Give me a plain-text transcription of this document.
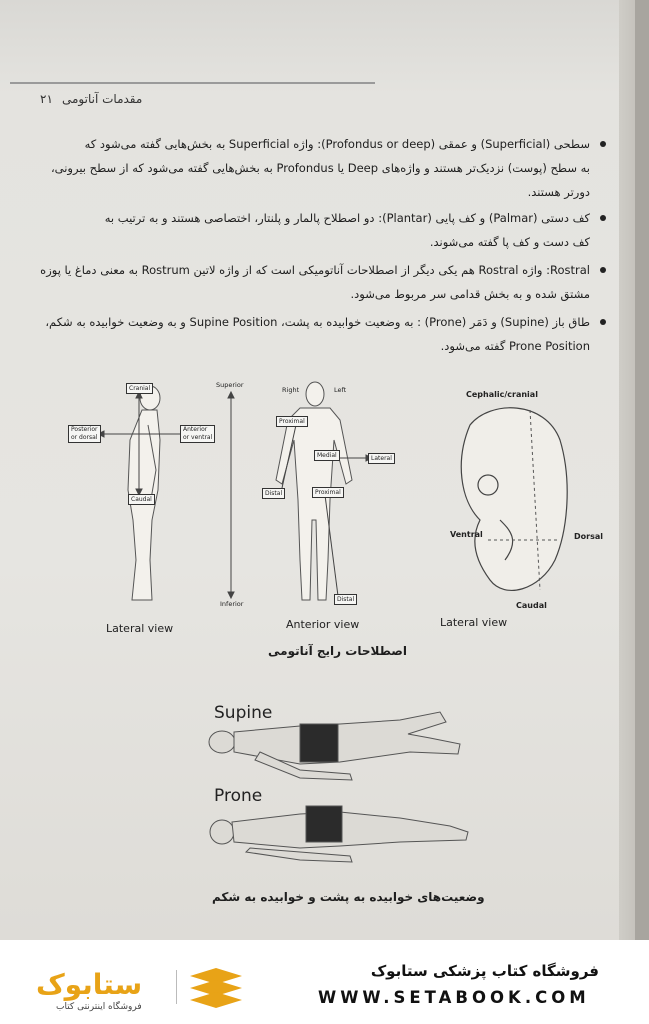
مقدمات آناتومی
۲۱
سطحی (Superficial) و عمقی (Profondus or deep): واژه Superficial به بخش‌هایی گفته می‌شود که
به سطح (پوست) نزدیک‌تر هستند و واژه‌های Deep یا Profondus به بخش‌هایی گفته می‌شود که از سطح بیرونی،
دورتر هستند.
کف دستی (Palmar) و کف پایی (Plantar): دو اصطلاح پالمار و پلنتار، اختصاصی هستند و به ترتیب به
کف دست و کف پا گفته می‌شوند.
Rostral: واژه Rostral هم یکی دیگر از اصطلاحات آناتومیکی است که از واژه لاتین Rostrum به معنی دماغ یا پوزه
مشتق شده و به بخش قدامی سر مربوط می‌شود.
طاق باز (Supine) و دَمَر (Prone) : به وضعیت خوابیده به پشت، Supine Position و به وضعیت خوابیده به شکم،
Prone Position گفته می‌شود.
Cranial
Posterior
or dorsal
Anterior
or ventral
Caudal
Lateral view
Superior
Inferior
Right	Left
Proximal
Medial	Lateral
Distal	Proximal
Distal
Anterior view
Cephalic/cranial
Ventral	Dorsal
Caudal
Lateral view
اصطلاحات رایج آناتومی
Supine
Prone
وضعیت‌های خوابیده به پشت و خوابیده به شکم
ستابوک
فروشگاه اینترنتی کتاب
فروشگاه کتاب پزشکی ستابوک
WWW.SETABOOK.COM
